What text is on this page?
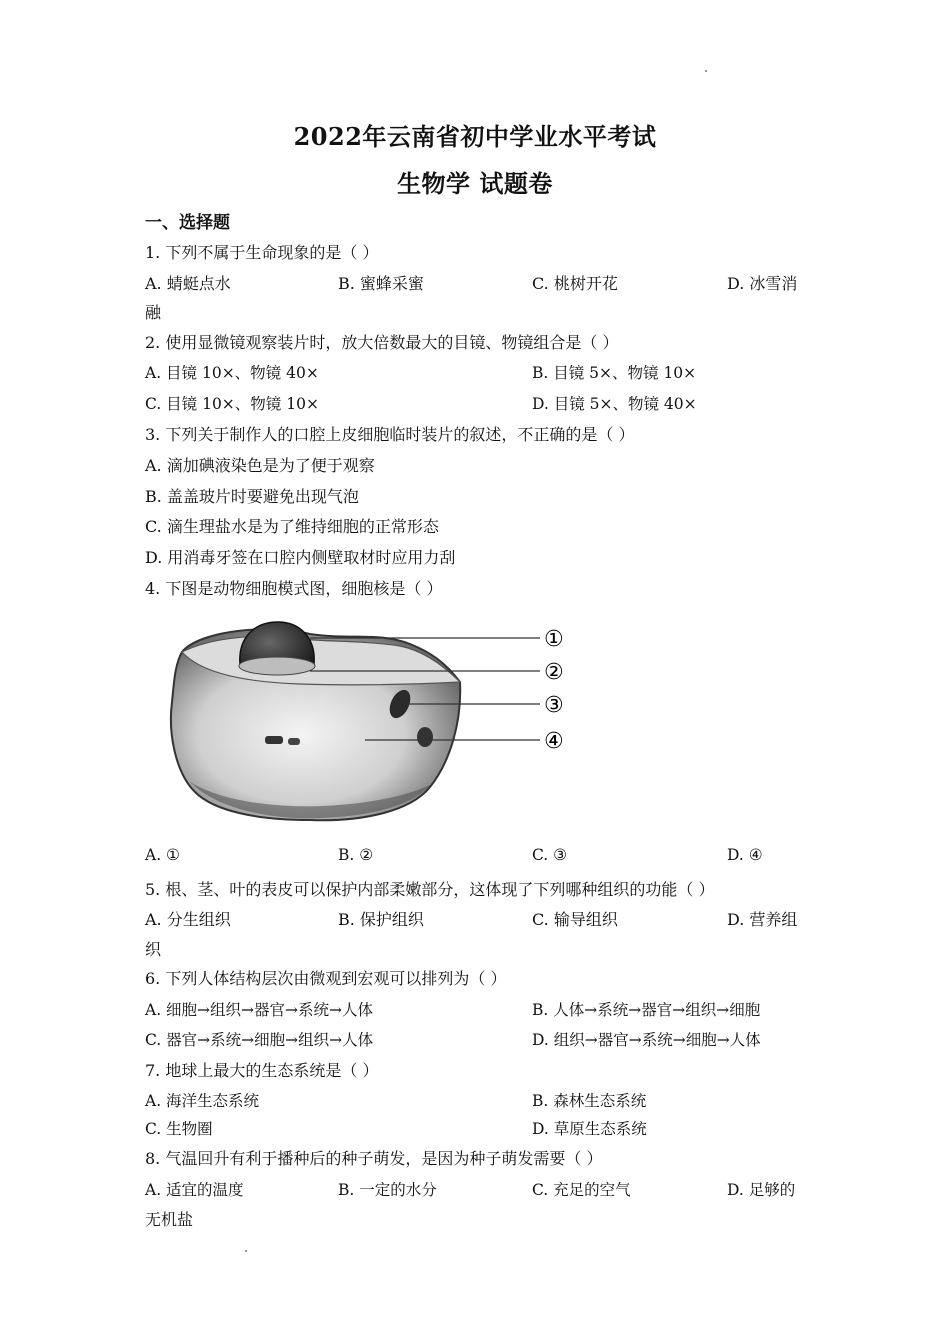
2022年云南省初中学业水平考试
生物学 试题卷
一、选择题
1. 下列不属于生命现象的是（ ）
A. 蜻蜓点水	B. 蜜蜂采蜜	C. 桃树开花	D. 冰雪消
融
2. 使用显微镜观察装片时，放大倍数最大的目镜、物镜组合是（ ）
A. 目镜 10×、物镜 40×	B. 目镜 5×、物镜 10×
C. 目镜 10×、物镜 10×	D. 目镜 5×、物镜 40×
3. 下列关于制作人的口腔上皮细胞临时装片的叙述，不正确的是（ ）
A. 滴加碘液染色是为了便于观察
B. 盖盖玻片时要避免出现气泡
C. 滴生理盐水是为了维持细胞的正常形态
D. 用消毒牙签在口腔内侧壁取材时应用力刮
4. 下图是动物细胞模式图，细胞核是（ ）
①
②
③
④
A. ①	B. ②	C. ③	D. ④
5. 根、茎、叶的表皮可以保护内部柔嫩部分，这体现了下列哪种组织的功能（ ）
A. 分生组织	B. 保护组织	C. 输导组织	D. 营养组
织
6. 下列人体结构层次由微观到宏观可以排列为（ ）
A. 细胞→组织→器官→系统→人体	B. 人体→系统→器官→组织→细胞
C. 器官→系统→细胞→组织→人体	D. 组织→器官→系统→细胞→人体
7. 地球上最大的生态系统是（ ）
A. 海洋生态系统	B. 森林生态系统
C. 生物圈	D. 草原生态系统
8. 气温回升有利于播种后的种子萌发，是因为种子萌发需要（ ）
A. 适宜的温度	B. 一定的水分	C. 充足的空气	D. 足够的
无机盐
